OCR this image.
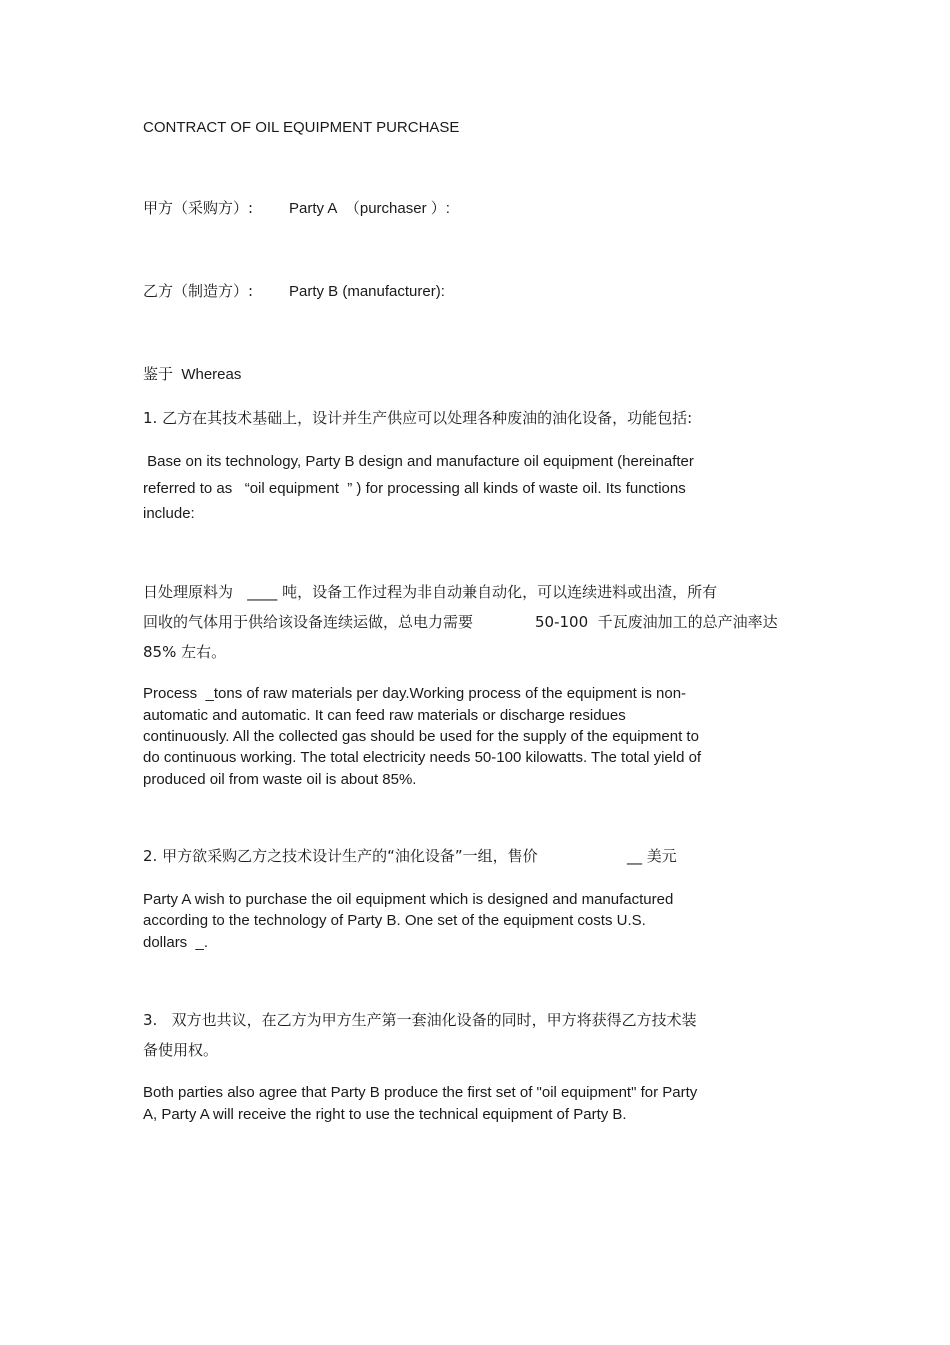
CONTRACT OF OIL EQUIPMENT PURCHASE
甲方（采购方）: Party A  （purchaser ）:
乙方（制造方）: Party B (manufacturer):
鉴于  Whereas
1. 乙方在其技术基础上，设计并生产供应可以处理各种废油的油化设备，功能包括:
Base on its technology, Party B design and manufacture oil equipment (hereinafter
referred to as   “oil equipment  ” ) for processing all kinds of waste oil. Its functions
include:
日处理原料为   ____ 吨，设备工作过程为非自动兼自动化，可以连续进料或出渣，所有
回收的气体用于供给该设备连续运做，总电力需要	50-100  千瓦废油加工的总产油率达
85% 左右。
Process  _tons of raw materials per day.Working process of the equipment is non-
automatic and automatic. It can feed raw materials or discharge residues
continuously. All the collected gas should be used for the supply of the equipment to
do continuous working. The total electricity needs 50-100 kilowatts. The total yield of
produced oil from waste oil is about 85%.
2. 甲方欲采购乙方之技术设计生产的“油化设备”一组，售价	__ 美元
Party A wish to purchase the oil equipment which is designed and manufactured
according to the technology of Party B. One set of the equipment costs U.S.
dollars  _.
3.   双方也共议，在乙方为甲方生产第一套油化设备的同时，甲方将获得乙方技术装
备使用权。
Both parties also agree that Party B produce the first set of "oil equipment" for Party
A, Party A will receive the right to use the technical equipment of Party B.
